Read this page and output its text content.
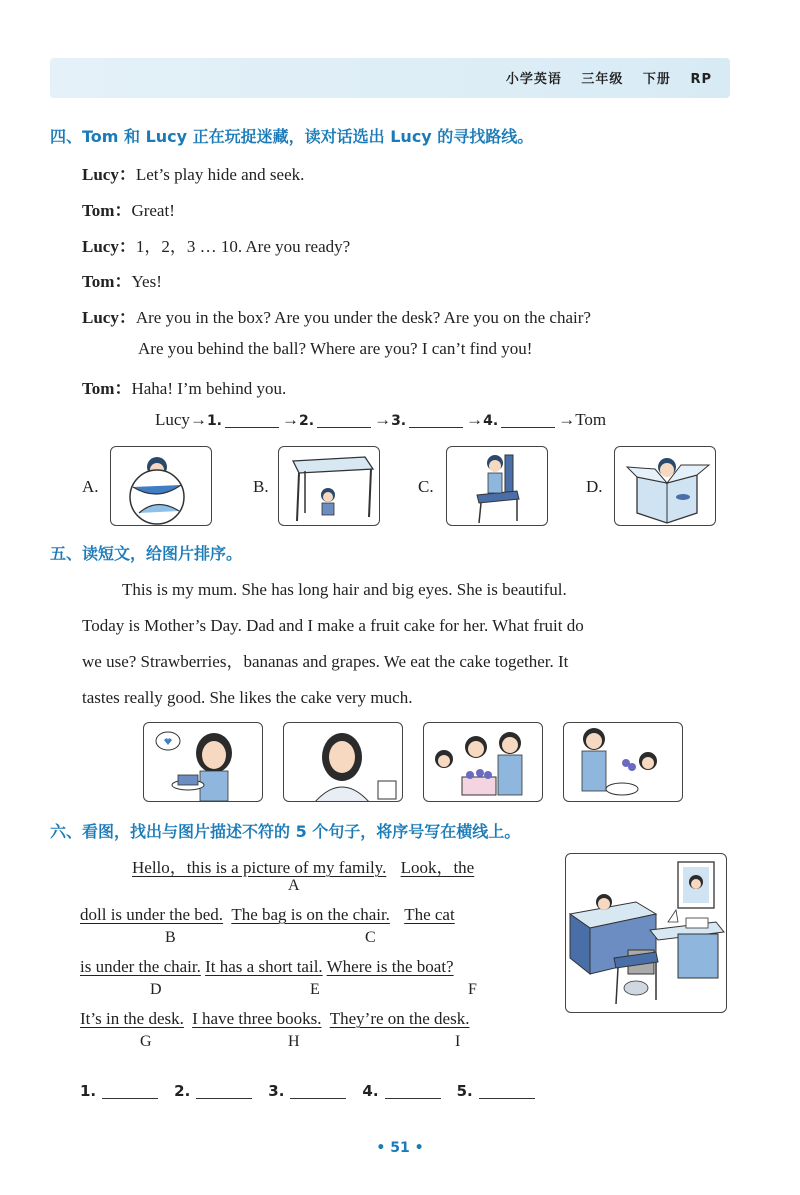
小学英语 三年级 下册 RP
四、Tom 和 Lucy 正在玩捉迷藏，读对话选出 Lucy 的寻找路线。
Lucy：Let’s play hide and seek.
Tom：Great!
Lucy：1，2，3 … 10. Are you ready?
Tom：Yes!
Lucy：Are you in the box? Are you under the desk? Are you on the chair?
Are you behind the ball? Where are you? I can’t find you!
Tom：Haha! I’m behind you.
Lucy→1.	→2.	→3.	→4.	→Tom
A.	B.	C.	D.
五、读短文，给图片排序。
This is my mum. She has long hair and big eyes. She is beautiful.
Today is Mother’s Day. Dad and I make a fruit cake for her. What fruit do
we use? Strawberries，bananas and grapes. We eat the cake together. It
tastes really good. She likes the cake very much.
六、看图，找出与图片描述不符的 5 个句子，将序号写在横线上。
Hello，this is a picture of my family. Look，the
A
doll is under the bed. The bag is on the chair. The cat
B	C
is under the chair. It has a short tail. Where is the boat?
D	E	F
It’s in the desk. I have three books. They’re on the desk.
G	H	I
1.	2.	3.	4.	5.
• 51 •
